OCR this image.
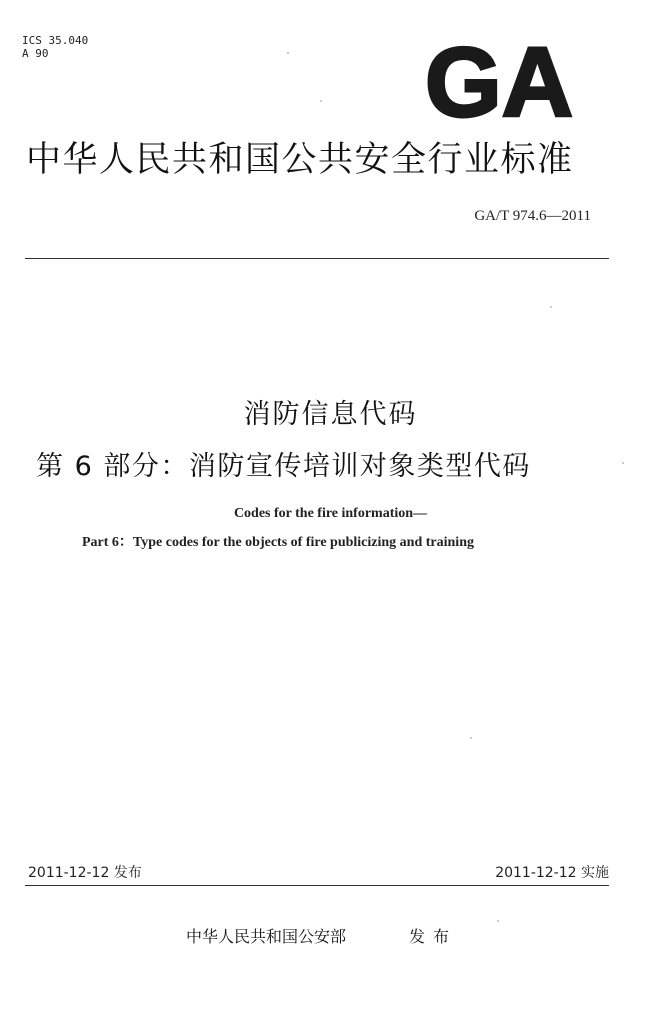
ICS 35.040
A 90	GA
中华人民共和国公共安全行业标准
GA/T 974.6—2011
消防信息代码
第 6 部分：消防宣传培训对象类型代码
Codes for the fire information—
Part 6：Type codes for the objects of fire publicizing and training
2011-12-12 发布	2011-12-12 实施
中华人民共和国公安部	发布
